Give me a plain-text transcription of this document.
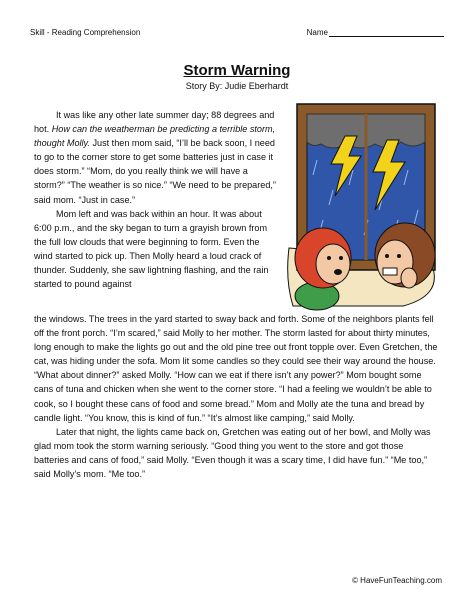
Skill - Reading Comprehension	Name
Storm Warning
Story By: Judie Eberhardt

It was like any other late summer day; 88 degrees and hot. How can the weatherman be predicting a terrible storm, thought Molly. Just then mom said, “I’ll be back soon, I need to go to the corner store to get some batteries just in case it does storm.” “Mom, do you really think we will have a storm?” “The weather is so nice.” “We need to be prepared,” said mom. “Just in case.”

Mom left and was back within an hour. It was about 6:00 p.m., and the sky began to turn a grayish brown from the full low clouds that were beginning to form. Even the wind started to pick up. Then Molly heard a loud crack of thunder. Suddenly, she saw lightning flashing, and the rain started to pound against

the windows. The trees in the yard started to sway back and forth. Some of the neighbors plants fell off the front porch. “I’m scared,” said Molly to her mother. The storm lasted for about thirty minutes, long enough to make the lights go out and the old pine tree out front topple over. Even Gretchen, the cat, was hiding under the sofa. Mom lit some candles so they could see their way around the house. “What about dinner?” asked Molly. “How can we eat if there isn’t any power?” Mom bought some cans of tuna and chicken when she went to the corner store. “I had a feeling we wouldn’t be able to cook, so I bought these cans of food and some bread.” Mom and Molly ate the tuna and bread by candle light. “You know, this is kind of fun.” “It’s almost like camping,” said Molly.

Later that night, the lights came back on, Gretchen was eating out of her bowl, and Molly was glad mom took the storm warning seriously. “Good thing you went to the store and got those batteries and cans of food,” said Molly. “Even though it was a scary time, I did have fun.” “Me too,” said Molly’s mom. “Me too.”

© HaveFunTeaching.com
